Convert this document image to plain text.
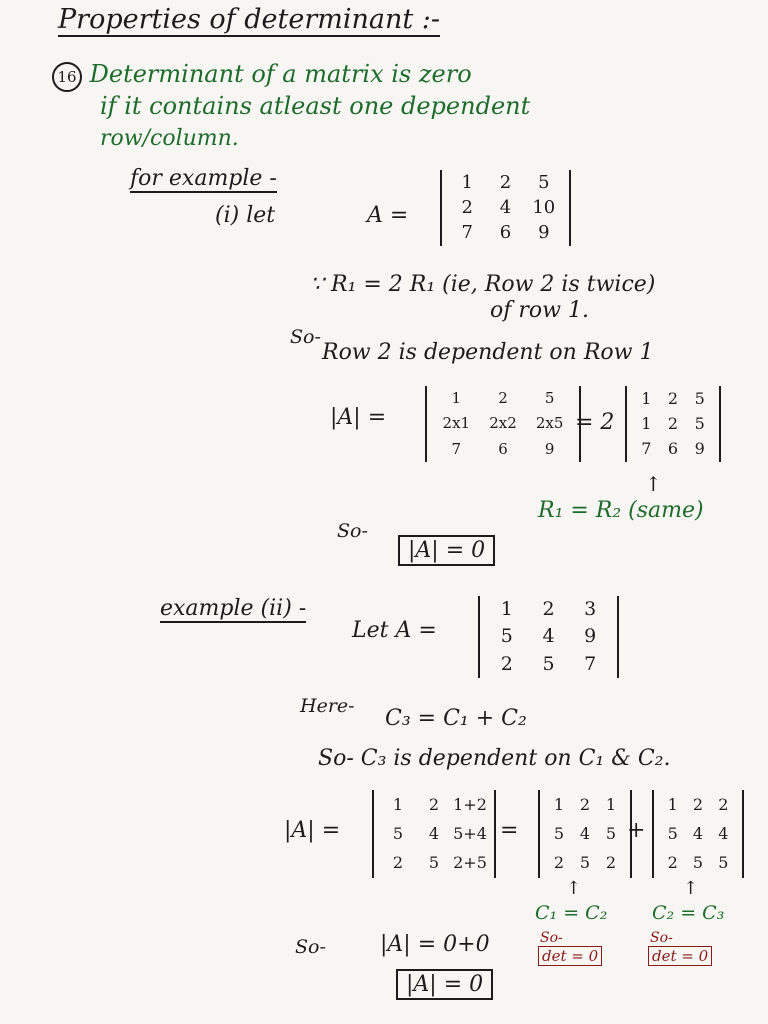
Properties of determinant :-
16 Determinant of a matrix is zero
if it contains atleast one dependent
row/column.
for example -
(i) let	A =
1 2 5
2 4 10
7 6 9
∵ R₁ = 2 R₁ (ie, Row 2 is twice)
of row 1.
So-
Row 2 is dependent on Row 1
|A| =
1 2 5
2x1 2x2 2x5
7 6 9
= 2
1 2 5
1 2 5
7 6 9
↑
R₁ = R₂ (same)
So-
|A| = 0
example (ii) -
Let A =
1 2 3
5 4 9
2 5 7
Here- C₃ = C₁ + C₂
So- C₃ is dependent on C₁ & C₂.
|A| =
1 2 1+2
5 4 5+4
2 5 2+5
=
1 2 1
5 4 5
2 5 2
+
1 2 2
5 4 4
2 5 5
↑	↑
C₁ = C₂ C₂ = C₃
So-
det = 0
So-
det = 0
So- |A| = 0+0
|A| = 0
